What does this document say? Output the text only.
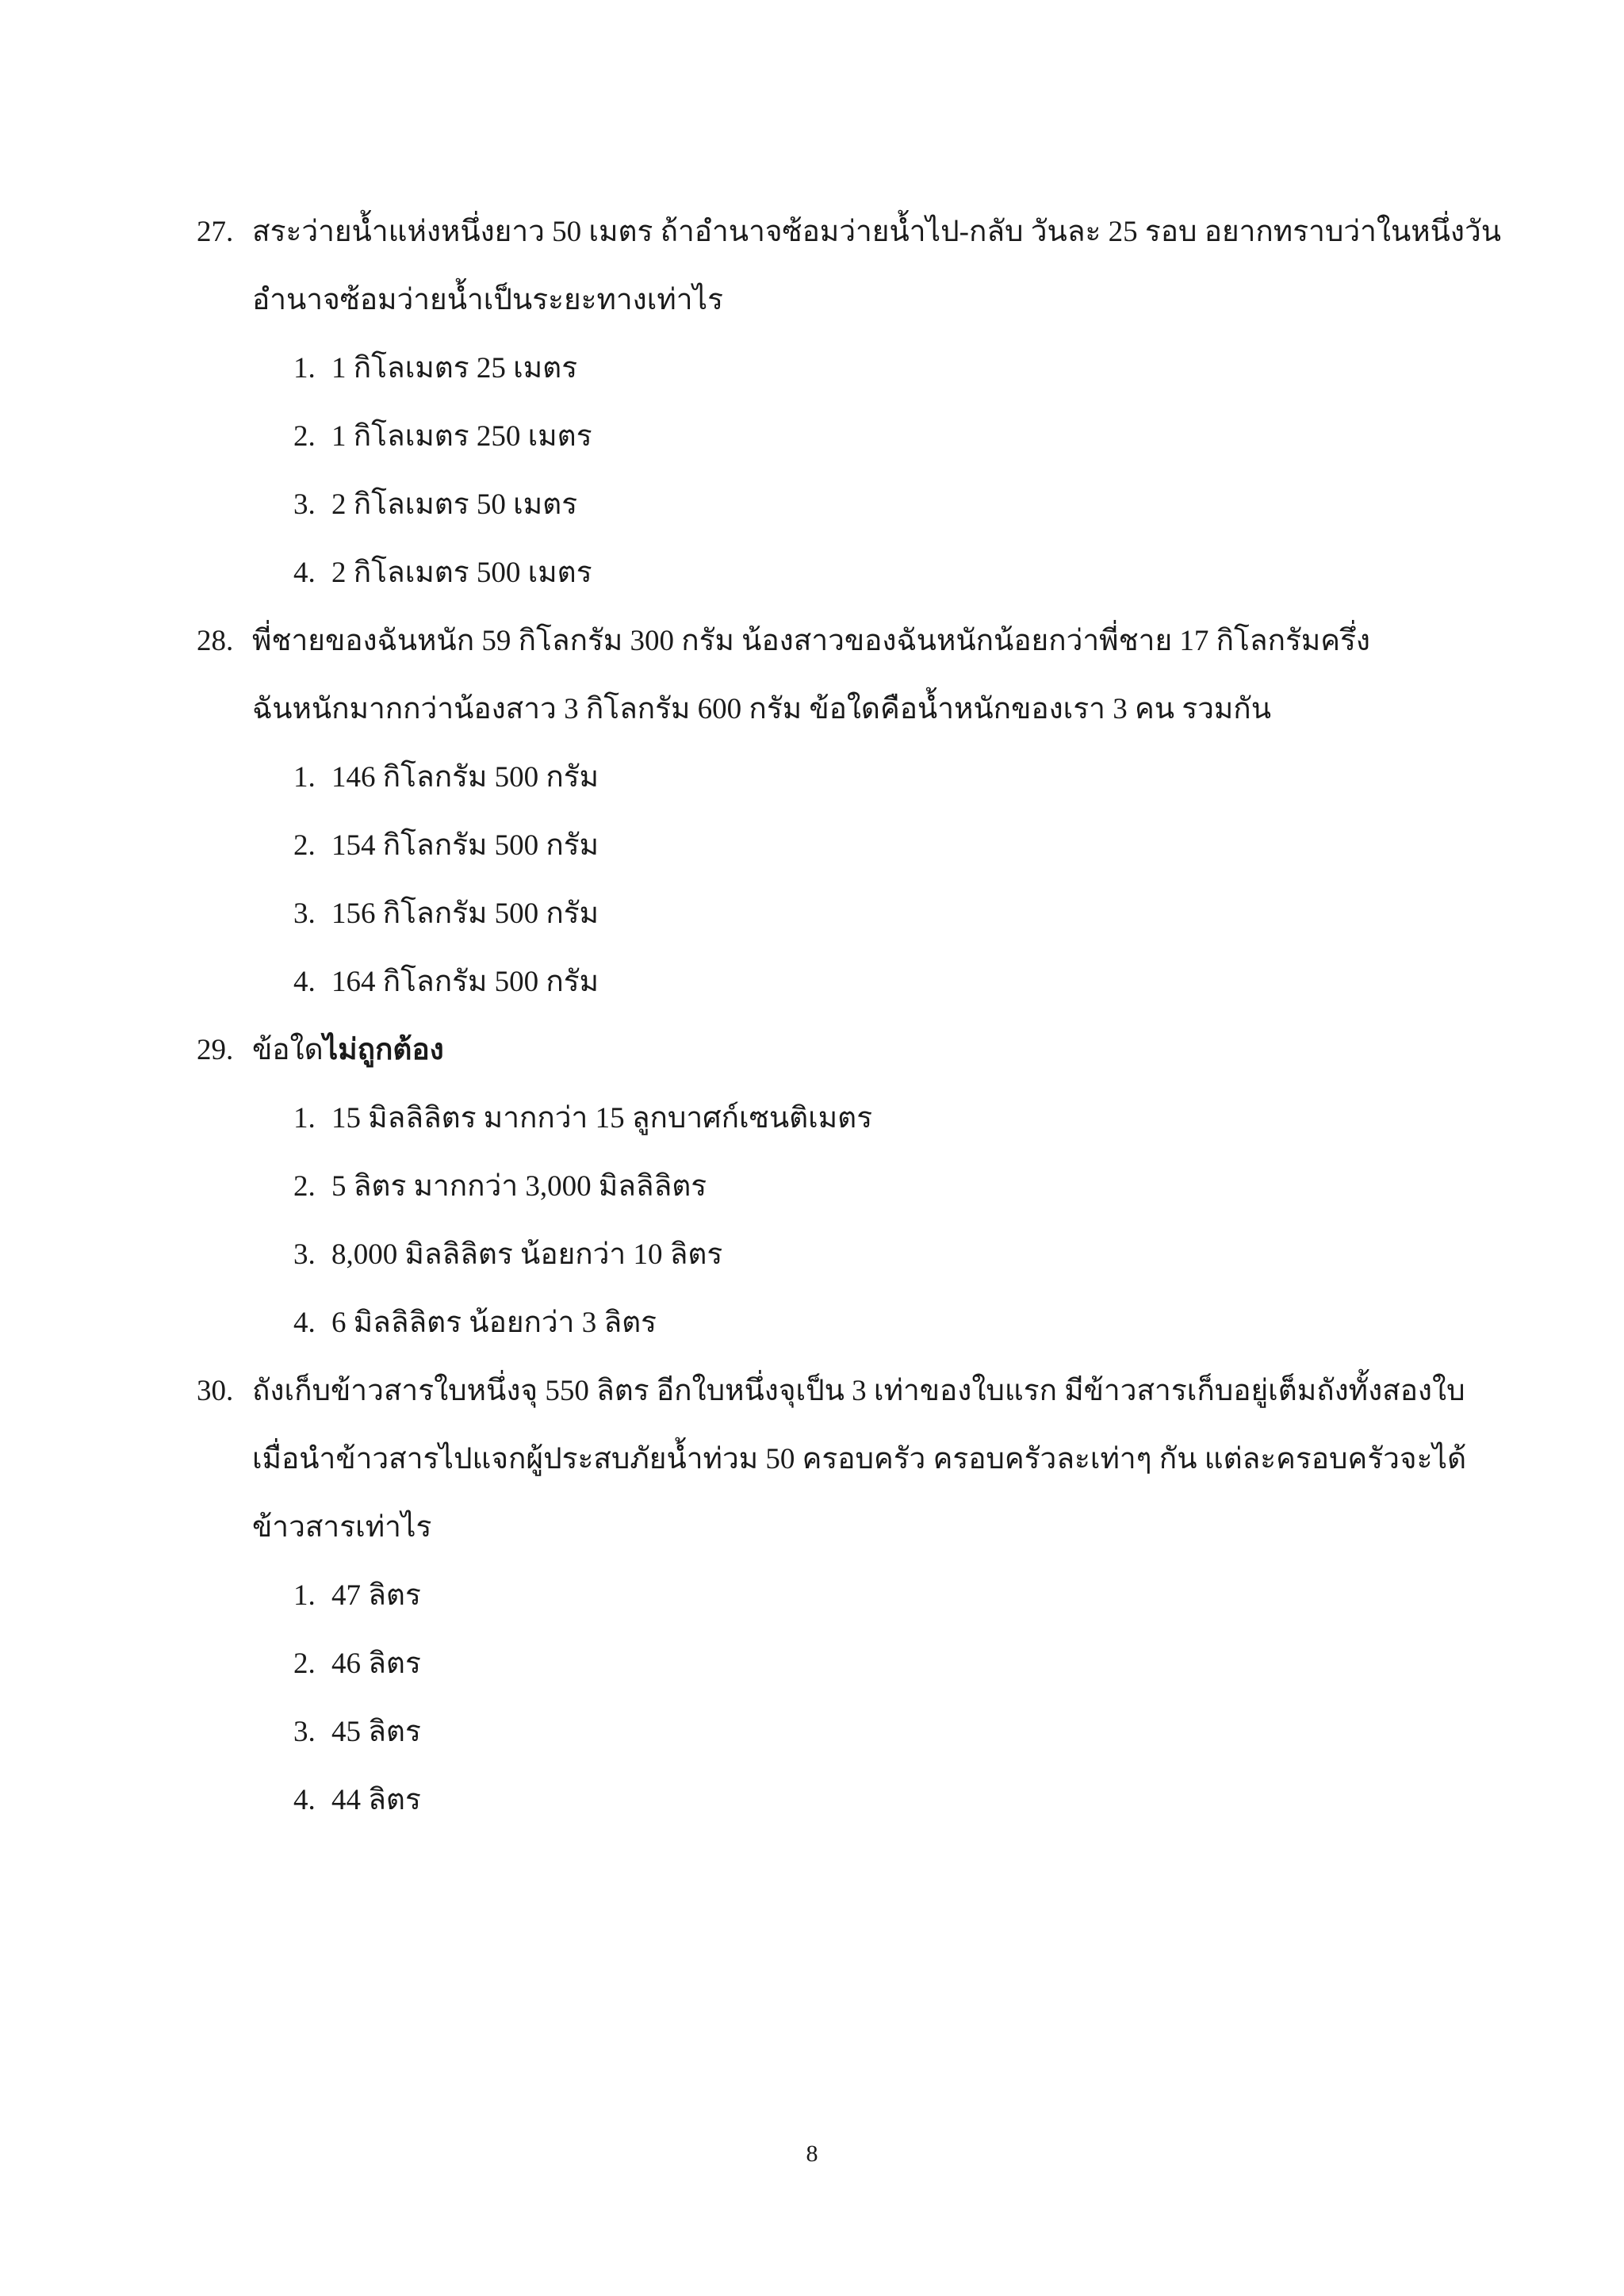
27. สระว่ายน้ำแห่งหนึ่งยาว 50 เมตร ถ้าอำนาจซ้อมว่ายน้ำไป-กลับ วันละ 25 รอบ อยากทราบว่าในหนึ่งวัน
อำนาจซ้อมว่ายน้ำเป็นระยะทางเท่าไร
1. 1 กิโลเมตร 25 เมตร
2. 1 กิโลเมตร 250 เมตร
3. 2 กิโลเมตร 50 เมตร
4. 2 กิโลเมตร 500 เมตร
28. พี่ชายของฉันหนัก 59 กิโลกรัม 300 กรัม น้องสาวของฉันหนักน้อยกว่าพี่ชาย 17 กิโลกรัมครึ่ง
ฉันหนักมากกว่าน้องสาว 3 กิโลกรัม 600 กรัม ข้อใดคือน้ำหนักของเรา 3 คน รวมกัน
1. 146 กิโลกรัม 500 กรัม
2. 154 กิโลกรัม 500 กรัม
3. 156 กิโลกรัม 500 กรัม
4. 164 กิโลกรัม 500 กรัม
29. ข้อใดไม่ถูกต้อง
1. 15 มิลลิลิตร มากกว่า 15 ลูกบาศก์เซนติเมตร
2. 5 ลิตร มากกว่า 3,000 มิลลิลิตร
3. 8,000 มิลลิลิตร น้อยกว่า 10 ลิตร
4. 6 มิลลิลิตร น้อยกว่า 3 ลิตร
30. ถังเก็บข้าวสารใบหนึ่งจุ 550 ลิตร อีกใบหนึ่งจุเป็น 3 เท่าของใบแรก มีข้าวสารเก็บอยู่เต็มถังทั้งสองใบ
เมื่อนำข้าวสารไปแจกผู้ประสบภัยน้ำท่วม 50 ครอบครัว ครอบครัวละเท่าๆ กัน แต่ละครอบครัวจะได้
ข้าวสารเท่าไร
1. 47 ลิตร
2. 46 ลิตร
3. 45 ลิตร
4. 44 ลิตร
8
